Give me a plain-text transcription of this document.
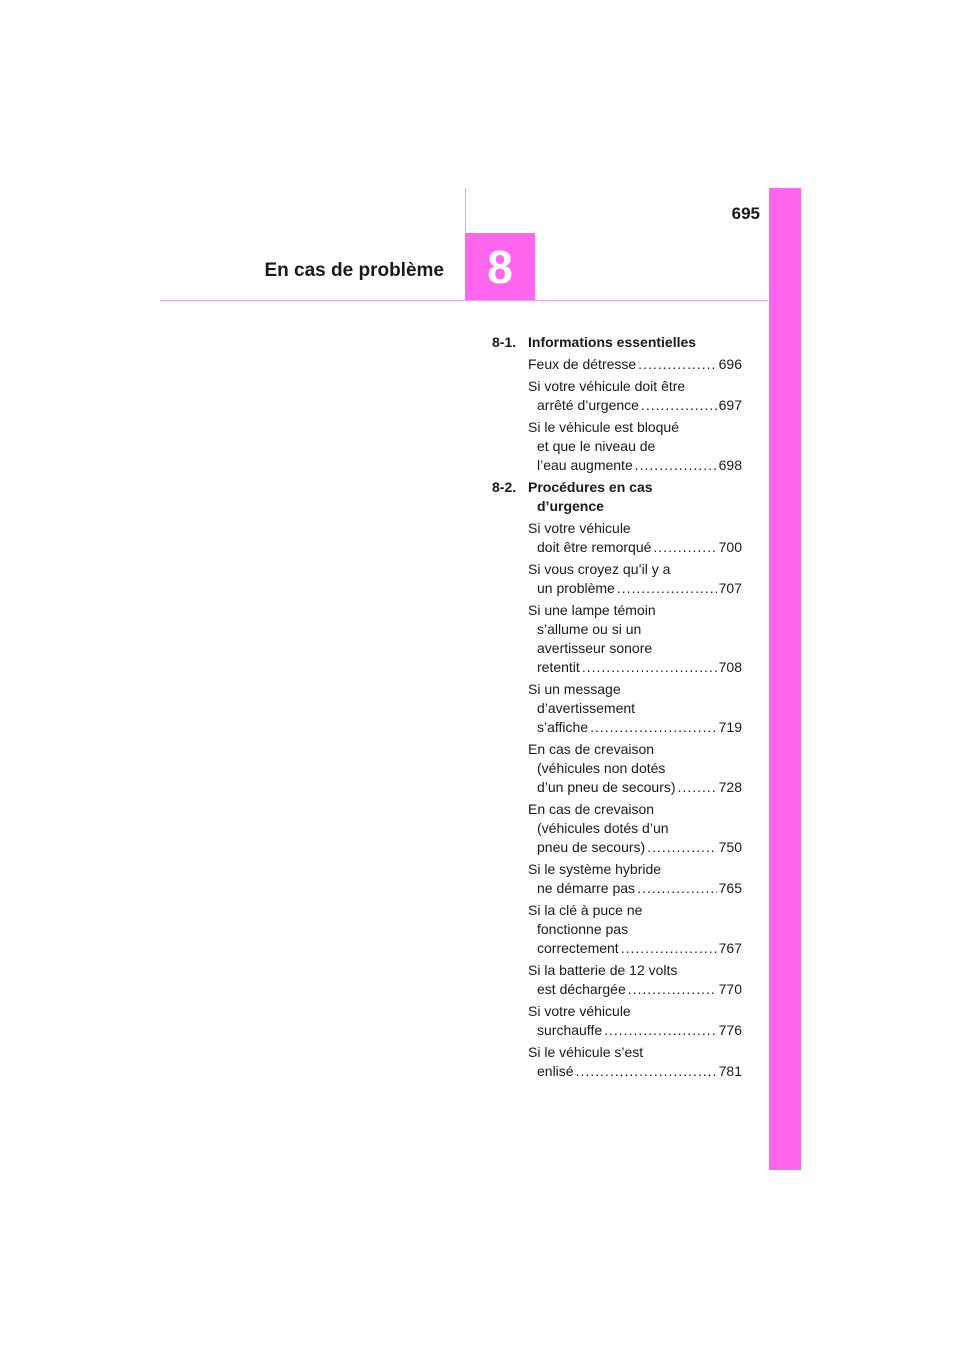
695
En cas de problème 8
8-1. Informations essentielles
Feux de détresse .....	696
Si votre véhicule doit être
arrêté d’urgence .....	697
Si le véhicule est bloqué
et que le niveau de
l’eau augmente .....	698
8-2. Procédures en cas
d’urgence
Si votre véhicule
doit être remorqué .....	700
Si vous croyez qu’il y a
un problème .....	707
Si une lampe témoin
s’allume ou si un
avertisseur sonore
retentit .....	708
Si un message
d’avertissement
s’affiche .....	719
En cas de crevaison
(véhicules non dotés
d’un pneu de secours) .....	728
En cas de crevaison
(véhicules dotés d’un
pneu de secours) .....	750
Si le système hybride
ne démarre pas .....	765
Si la clé à puce ne
fonctionne pas
correctement .....	767
Si la batterie de 12 volts
est déchargée .....	770
Si votre véhicule
surchauffe .....	776
Si le véhicule s’est
enlisé .....	781
